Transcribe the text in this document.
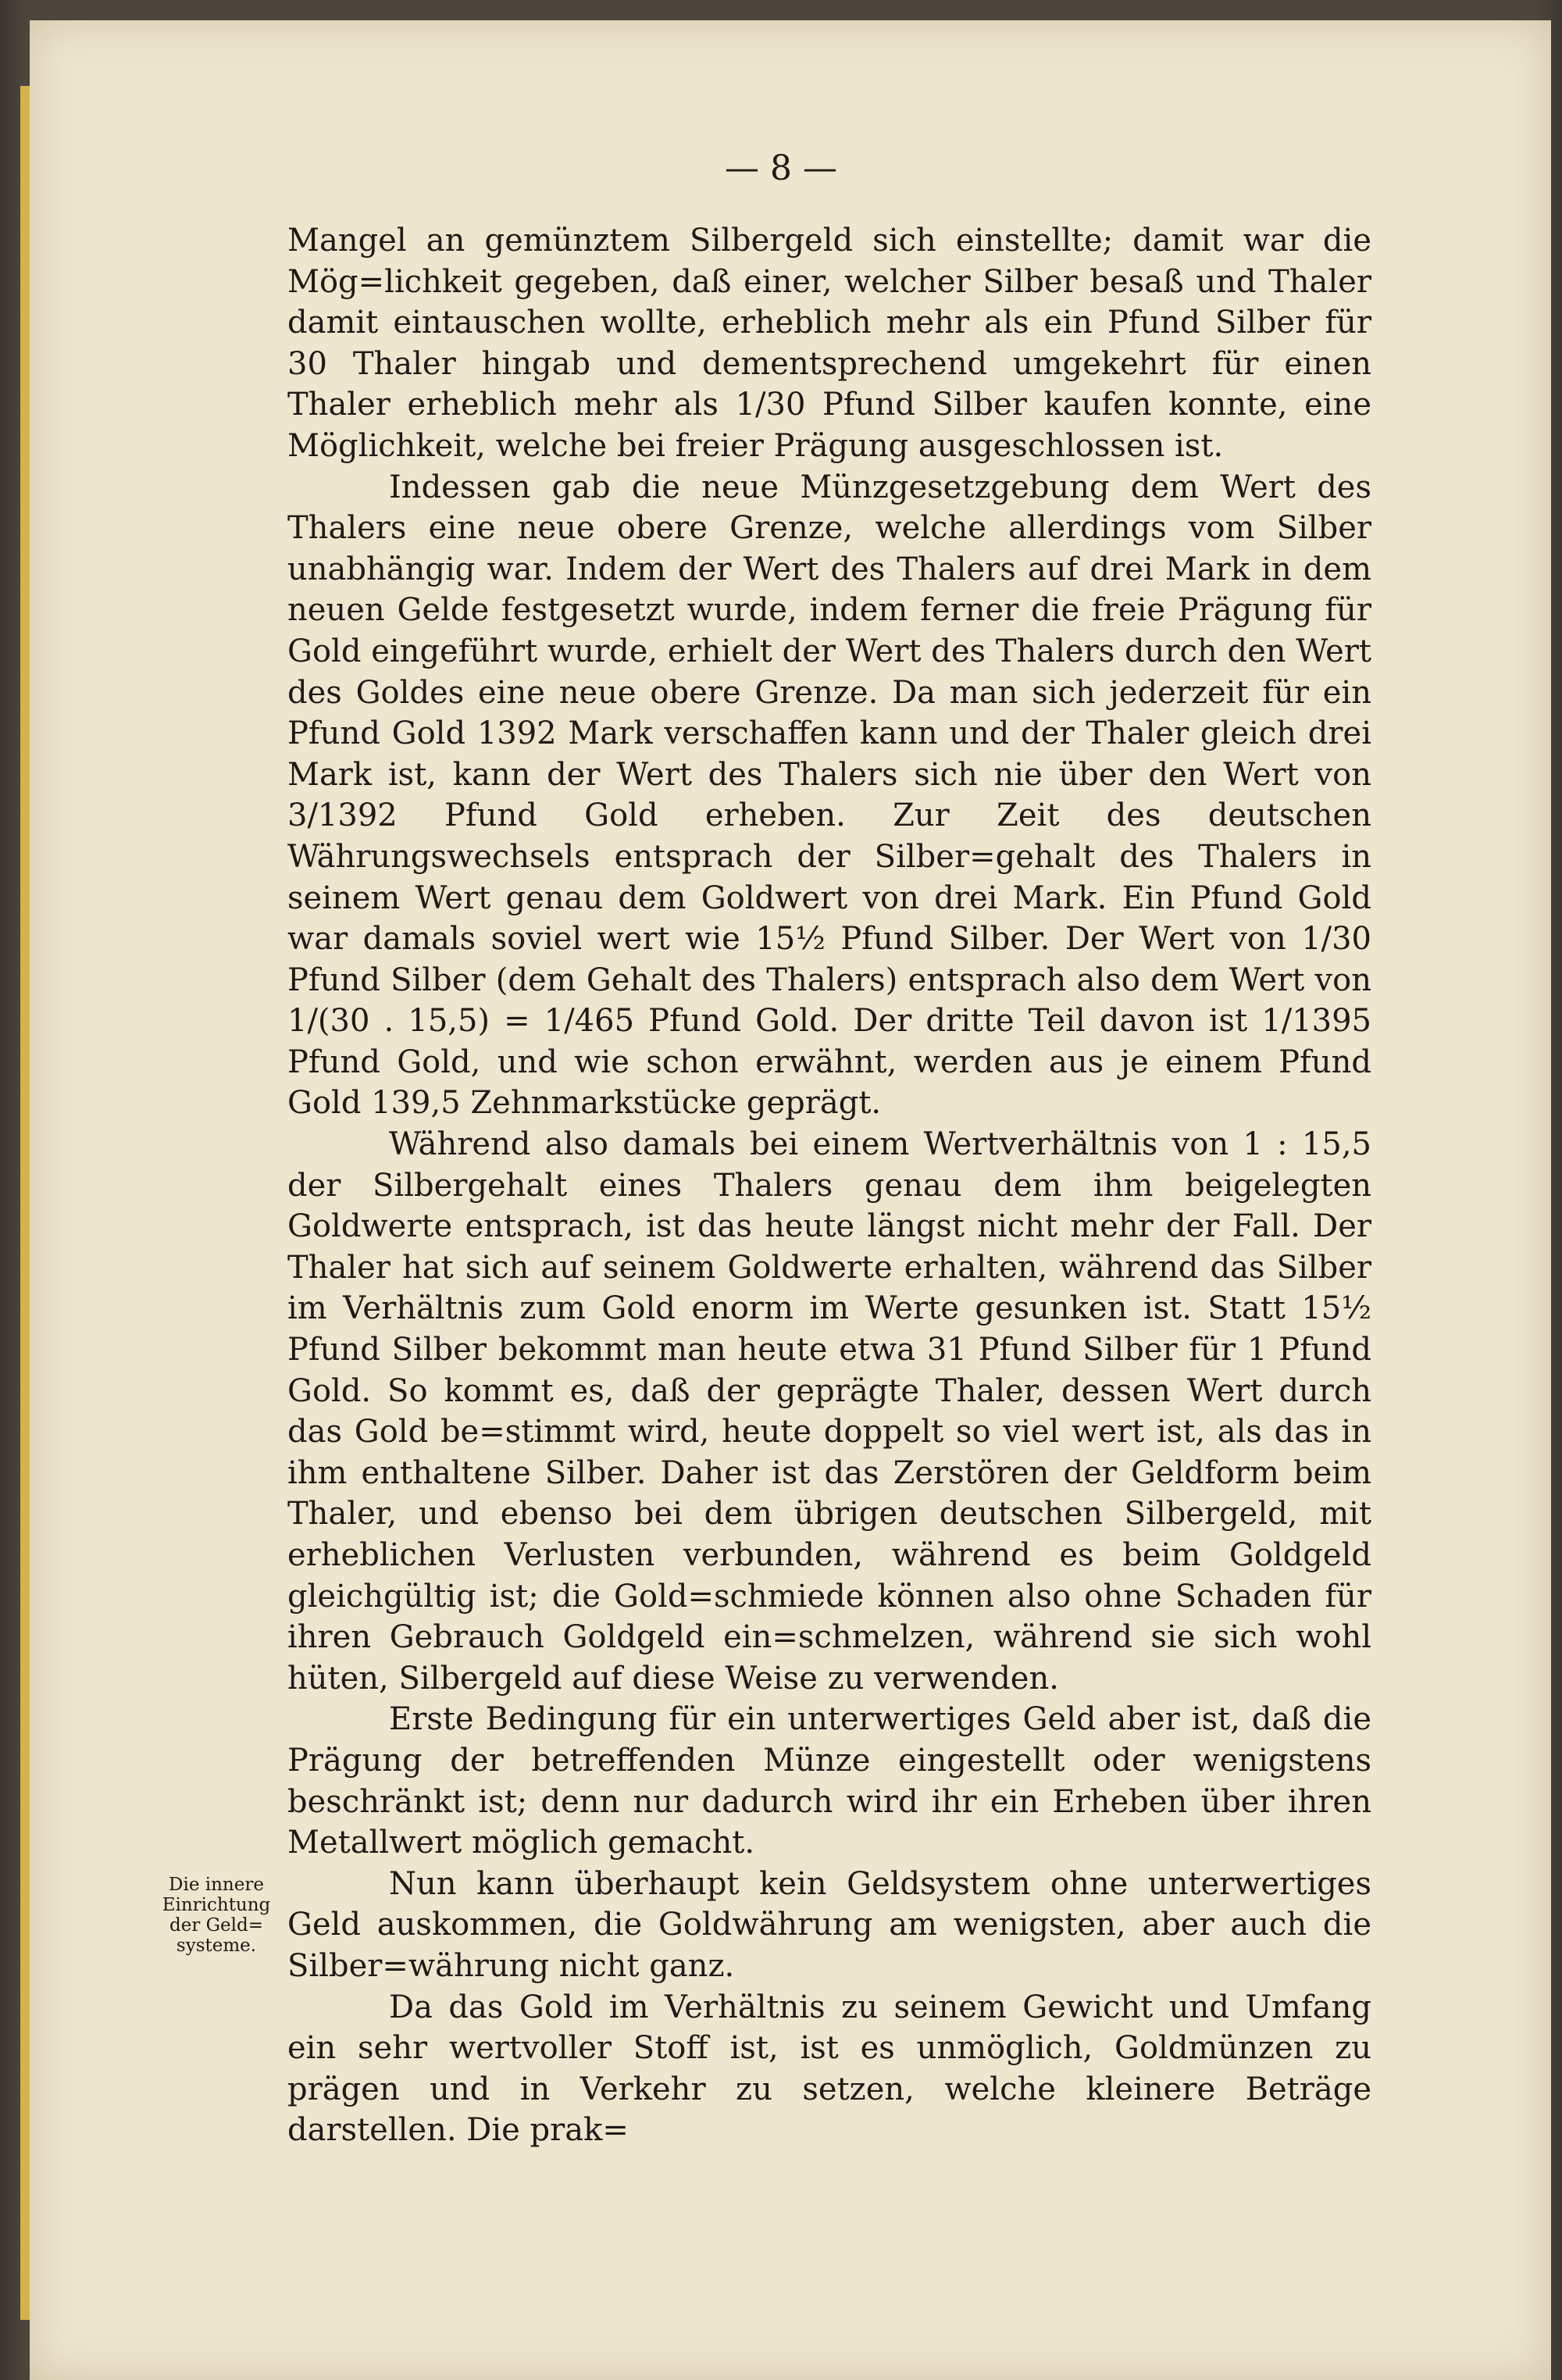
— 8 —

Mangel an gemünztem Silbergeld sich einstellte; damit war die Mög=lichkeit gegeben, daß einer, welcher Silber besaß und Thaler damit eintauschen wollte, erheblich mehr als ein Pfund Silber für 30 Thaler hingab und dementsprechend umgekehrt für einen Thaler erheblich mehr als 1/30 Pfund Silber kaufen konnte, eine Möglichkeit, welche bei freier Prägung ausgeschlossen ist.

Indessen gab die neue Münzgesetzgebung dem Wert des Thalers eine neue obere Grenze, welche allerdings vom Silber unabhängig war. Indem der Wert des Thalers auf drei Mark in dem neuen Gelde festgesetzt wurde, indem ferner die freie Prägung für Gold eingeführt wurde, erhielt der Wert des Thalers durch den Wert des Goldes eine neue obere Grenze. Da man sich jederzeit für ein Pfund Gold 1392 Mark verschaffen kann und der Thaler gleich drei Mark ist, kann der Wert des Thalers sich nie über den Wert von 3/1392 Pfund Gold erheben. Zur Zeit des deutschen Währungswechsels entsprach der Silber=gehalt des Thalers in seinem Wert genau dem Goldwert von drei Mark. Ein Pfund Gold war damals soviel wert wie 15½ Pfund Silber. Der Wert von 1/30 Pfund Silber (dem Gehalt des Thalers) entsprach also dem Wert von 1/(30 . 15,5) = 1/465 Pfund Gold. Der dritte Teil davon ist 1/1395 Pfund Gold, und wie schon erwähnt, werden aus je einem Pfund Gold 139,5 Zehnmarkstücke geprägt.

Während also damals bei einem Wertverhältnis von 1 : 15,5 der Silbergehalt eines Thalers genau dem ihm beigelegten Goldwerte entsprach, ist das heute längst nicht mehr der Fall. Der Thaler hat sich auf seinem Goldwerte erhalten, während das Silber im Verhältnis zum Gold enorm im Werte gesunken ist. Statt 15½ Pfund Silber bekommt man heute etwa 31 Pfund Silber für 1 Pfund Gold. So kommt es, daß der geprägte Thaler, dessen Wert durch das Gold be=stimmt wird, heute doppelt so viel wert ist, als das in ihm enthaltene Silber. Daher ist das Zerstören der Geldform beim Thaler, und ebenso bei dem übrigen deutschen Silbergeld, mit erheblichen Verlusten verbunden, während es beim Goldgeld gleichgültig ist; die Gold=schmiede können also ohne Schaden für ihren Gebrauch Goldgeld ein=schmelzen, während sie sich wohl hüten, Silbergeld auf diese Weise zu verwenden.

Erste Bedingung für ein unterwertiges Geld aber ist, daß die Prägung der betreffenden Münze eingestellt oder wenigstens beschränkt ist; denn nur dadurch wird ihr ein Erheben über ihren Metallwert möglich gemacht.

Nun kann überhaupt kein Geldsystem ohne unterwertiges Geld auskommen, die Goldwährung am wenigsten, aber auch die Silber=währung nicht ganz.

Da das Gold im Verhältnis zu seinem Gewicht und Umfang ein sehr wertvoller Stoff ist, ist es unmöglich, Goldmünzen zu prägen und in Verkehr zu setzen, welche kleinere Beträge darstellen. Die prak=

Die innere
Einrichtung
der Geld=
systeme.
